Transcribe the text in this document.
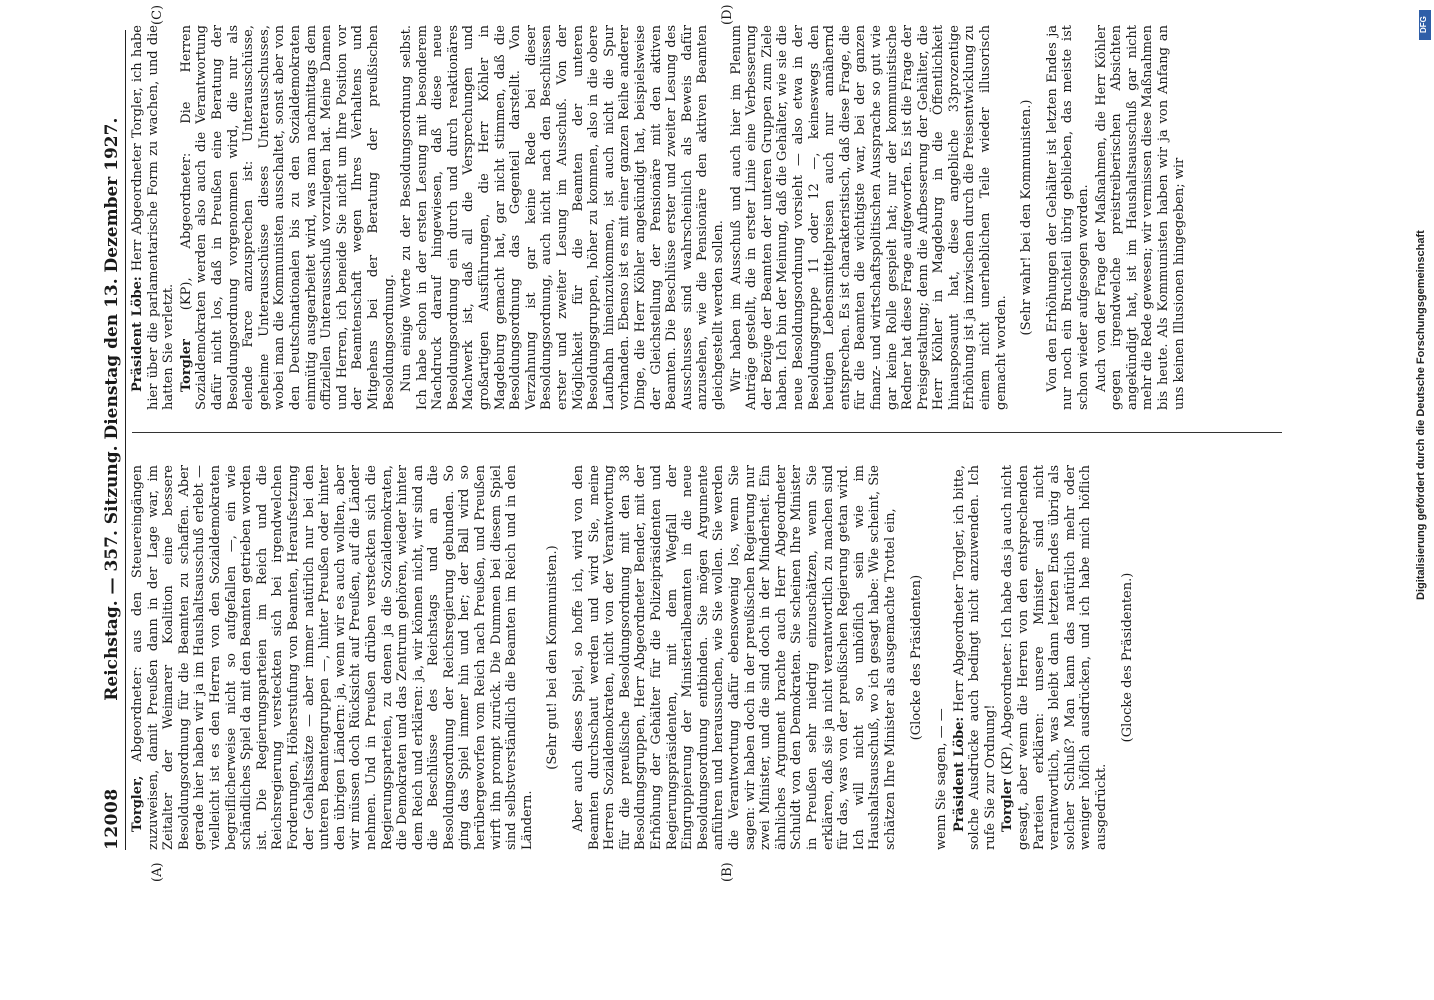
12008
Reichstag. — 357. Sitzung. Dienstag den 13. Dezember 1927.
(A)	(B)
(C)	(D)

Torgler, Abgeordneter: aus den Steuereingängen zuzuweisen, damit Preußen dann in der Lage war, im Zeitalter der Weimarer Koalition eine bessere Besoldungsordnung für die Beamten zu schaffen. Aber gerade hier haben wir ja im Haushaltsausschuß erlebt — vielleicht ist es den Herren von den Sozialdemokraten begreiflicherweise nicht so aufgefallen —, ein wie schändliches Spiel da mit den Beamten getrieben worden ist. Die Regierungsparteien im Reich und die Reichsregierung versteckten sich bei irgendwelchen Forderungen, Höherstufung von Beamten, Heraufsetzung der Gehaltssätze — aber immer natürlich nur bei den unteren Beamtengruppen —, hinter Preußen oder hinter den übrigen Ländern: ja, wenn wir es auch wollten, aber wir müssen doch Rücksicht auf Preußen, auf die Länder nehmen. Und in Preußen drüben versteckten sich die Regierungsparteien, zu denen ja die Sozialdemokraten, die Demokraten und das Zentrum gehören, wieder hinter dem Reich und erklären: ja, wir können nicht, wir sind an die Beschlüsse des Reichstags und an die Besoldungsordnung der Reichsregierung gebunden. So ging das Spiel immer hin und her; der Ball wird so herübergeworfen vom Reich nach Preußen, und Preußen wirft ihn prompt zurück. Die Dummen bei diesem Spiel sind selbstverständlich die Beamten im Reich und in den Ländern.

(Sehr gut! bei den Kommunisten.) Aber auch dieses Spiel, so hoffe ich, wird von den Beamten durchschaut werden und wird Sie, meine Herren Sozialdemokraten, nicht von der Verantwortung für die preußische Besoldungsordnung mit den 38 Besoldungsgruppen, Herr Abgeordneter Bender, mit der Erhöhung der Gehälter für die Polizeipräsidenten und Regierungspräsidenten, mit dem Wegfall der Eingruppierung der Ministerialbeamten in die neue Besoldungsordnung entbinden. Sie mögen Argumente anführen und heraussuchen, wie Sie wollen. Sie werden die Verantwortung dafür ebensowenig los, wenn Sie sagen: wir haben doch in der preußischen Regierung nur zwei Minister, und die sind doch in der Minderheit. Ein ähnliches Argument brachte auch Herr Abgeordneter Schuldt von den Demokraten. Sie scheinen Ihre Minister in Preußen sehr niedrig einzuschätzen, wenn Sie erklären, daß sie ja nicht verantwortlich zu machen sind für das, was von der preußischen Regierung getan wird. Ich will nicht so unhöflich sein wie im Haushaltsausschuß, wo ich gesagt habe: Wie scheint, Sie schätzen Ihre Minister als ausgemachte Trottel ein, (Glocke des Präsidenten)

wenn Sie sagen, — — Präsident Löbe: Herr Abgeordneter Torgler, ich bitte, solche Ausdrücke auch bedingt nicht anzuwenden. Ich rufe Sie zur Ordnung! Torgler (KP), Abgeordneter: Ich habe das ja auch nicht gesagt, aber wenn die Herren von den entsprechenden Parteien erklären: unsere Minister sind nicht verantwortlich, was bleibt dann letzten Endes übrig als solcher Schluß? Man kann das natürlich mehr oder weniger höflich ausdrücken, und ich habe mich höflich ausgedrückt.

(Glocke des Präsidenten.)

Präsident Löbe: Herr Abgeordneter Torgler, ich habe hier über die parlamentarische Form zu wachen, und die hatten Sie verletzt. Torgler (KP), Abgeordneter: Die Herren Sozialdemokraten werden also auch die Verantwortung dafür nicht los, daß in Preußen eine Beratung der Besoldungsordnung vorgenommen wird, die nur als elende Farce anzusprechen ist: Unterausschüsse, geheime Unterausschüsse dieses Unterausschusses, wobei man die Kommunisten ausschaltet, sonst aber von den Deutschnationalen bis zu den Sozialdemokraten einmütig ausgearbeitet wird, was man nachmittags dem offiziellen Unterausschuß vorzulegen hat. Meine Damen und Herren, ich beneide Sie nicht um Ihre Position vor der Beamtenschaft wegen Ihres Verhaltens und Mitgehens bei der Beratung der preußischen Besoldungsordnung. Nun einige Worte zu der Besoldungsordnung selbst. Ich habe schon in der ersten Lesung mit besonderem Nachdruck darauf hingewiesen, daß diese neue Besoldungsordnung ein durch und durch reaktionäres Machwerk ist, daß all die Versprechungen und großartigen Ausführungen, die Herr Köhler in Magdeburg gemacht hat, gar nicht stimmen, daß die Besoldungsordnung das Gegenteil darstellt. Von Verzahnung ist gar keine Rede bei dieser Besoldungsordnung, auch nicht nach den Beschlüssen erster und zweiter Lesung im Ausschuß. Von der Möglichkeit für die Beamten der unteren Besoldungsgruppen, höher zu kommen, also in die obere Laufbahn hineinzukommen, ist auch nicht die Spur vorhanden. Ebenso ist es mit einer ganzen Reihe anderer Dinge, die Herr Köhler angekündigt hat, beispielsweise der Gleichstellung der Pensionäre mit den aktiven Beamten. Die Beschlüsse erster und zweiter Lesung des Ausschusses sind wahrscheinlich als Beweis dafür anzusehen, wie die Pensionäre den aktiven Beamten gleichgestellt werden sollen. Wir haben im Ausschuß und auch hier im Plenum Anträge gestellt, die in erster Linie eine Verbesserung der Bezüge der Beamten der unteren Gruppen zum Ziele haben. Ich bin der Meinung, daß die Gehälter, wie sie die neue Besoldungsordnung vorsieht — also etwa in der Besoldungsgruppe 11 oder 12 —, keineswegs den heutigen Lebensmittelpreisen auch nur annähernd entsprechen. Es ist charakteristisch, daß diese Frage, die für die Beamten die wichtigste war, bei der ganzen finanz- und wirtschaftspolitischen Aussprache so gut wie gar keine Rolle gespielt hat; nur der kommunistische Redner hat diese Frage aufgeworfen. Es ist die Frage der Preisgestaltung; denn die Aufbesserung der Gehälter, die Herr Köhler in Magdeburg in die Öffentlichkeit hinausposaunt hat, diese angebliche 33prozentige Erhöhung ist ja inzwischen durch die Preisentwicklung zu einem nicht unerheblichen Teile wieder illusorisch gemacht worden.

(Sehr wahr! bei den Kommunisten.) Von den Erhöhungen der Gehälter ist letzten Endes ja nur noch ein Bruchteil übrig geblieben, das meiste ist schon wieder aufgesogen worden. Auch von der Frage der Maßnahmen, die Herr Köhler gegen irgendwelche preistreiberischen Absichten angekündigt hat, ist im Haushaltsausschuß gar nicht mehr die Rede gewesen; wir vermissen diese Maßnahmen bis heute. Als Kommunisten haben wir ja von Anfang an uns keinen Illusionen hingegeben; wir

DFG
Digitalisierung gefördert durch die Deutsche Forschungsgemeinschaft
